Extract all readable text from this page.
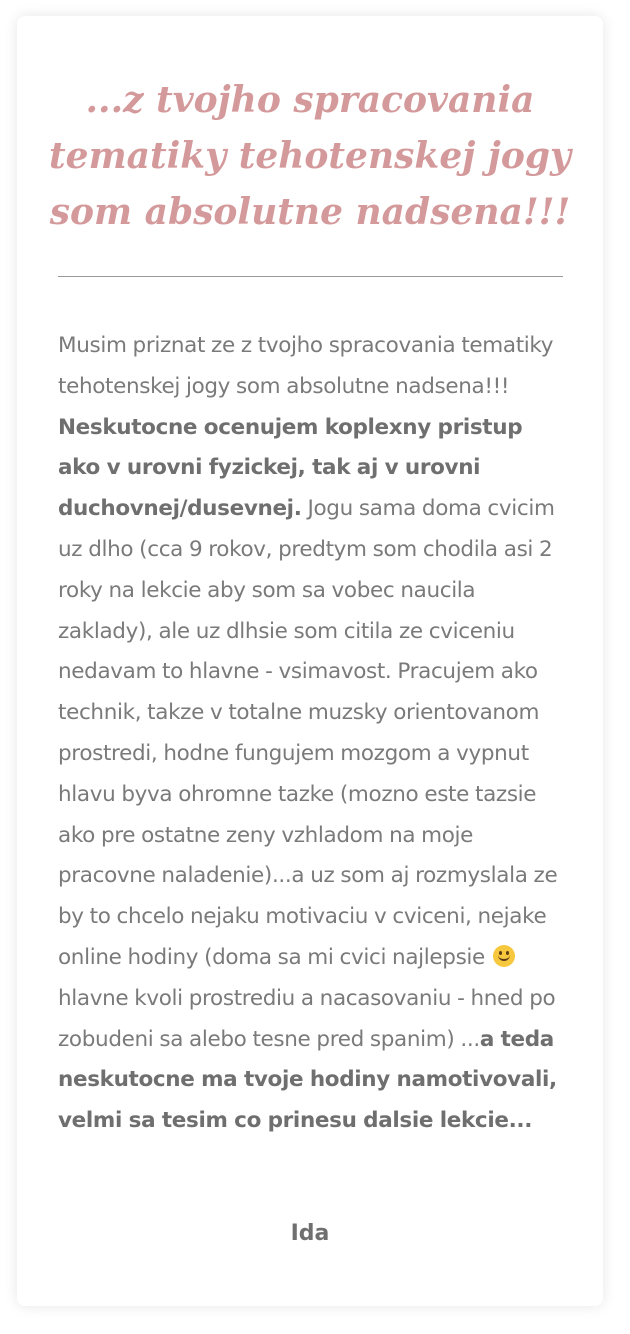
...z tvojho spracovania tematiky tehotenskej jogy som absolutne nadsena!!!

Musim priznat ze z tvojho spracovania tematiky tehotenskej jogy som absolutne nadsena!!! Neskutocne ocenujem koplexny pristup ako v urovni fyzickej, tak aj v urovni duchovnej/dusevnej. Jogu sama doma cvicim uz dlho (cca 9 rokov, predtym som chodila asi 2 roky na lekcie aby som sa vobec naucila zaklady), ale uz dlhsie som citila ze cviceniu nedavam to hlavne - vsimavost. Pracujem ako technik, takze v totalne muzsky orientovanom prostredi, hodne fungujem mozgom a vypnut hlavu byva ohromne tazke (mozno este tazsie ako pre ostatne zeny vzhladom na moje pracovne naladenie)...a uz som aj rozmyslala ze by to chcelo nejaku motivaciu v cviceni, nejake online hodiny (doma sa mi cvici najlepsie  hlavne kvoli prostrediu a nacasovaniu - hned po zobudeni sa alebo tesne pred spanim) ...a teda neskutocne ma tvoje hodiny namotivovali, velmi sa tesim co prinesu dalsie lekcie...

Ida
